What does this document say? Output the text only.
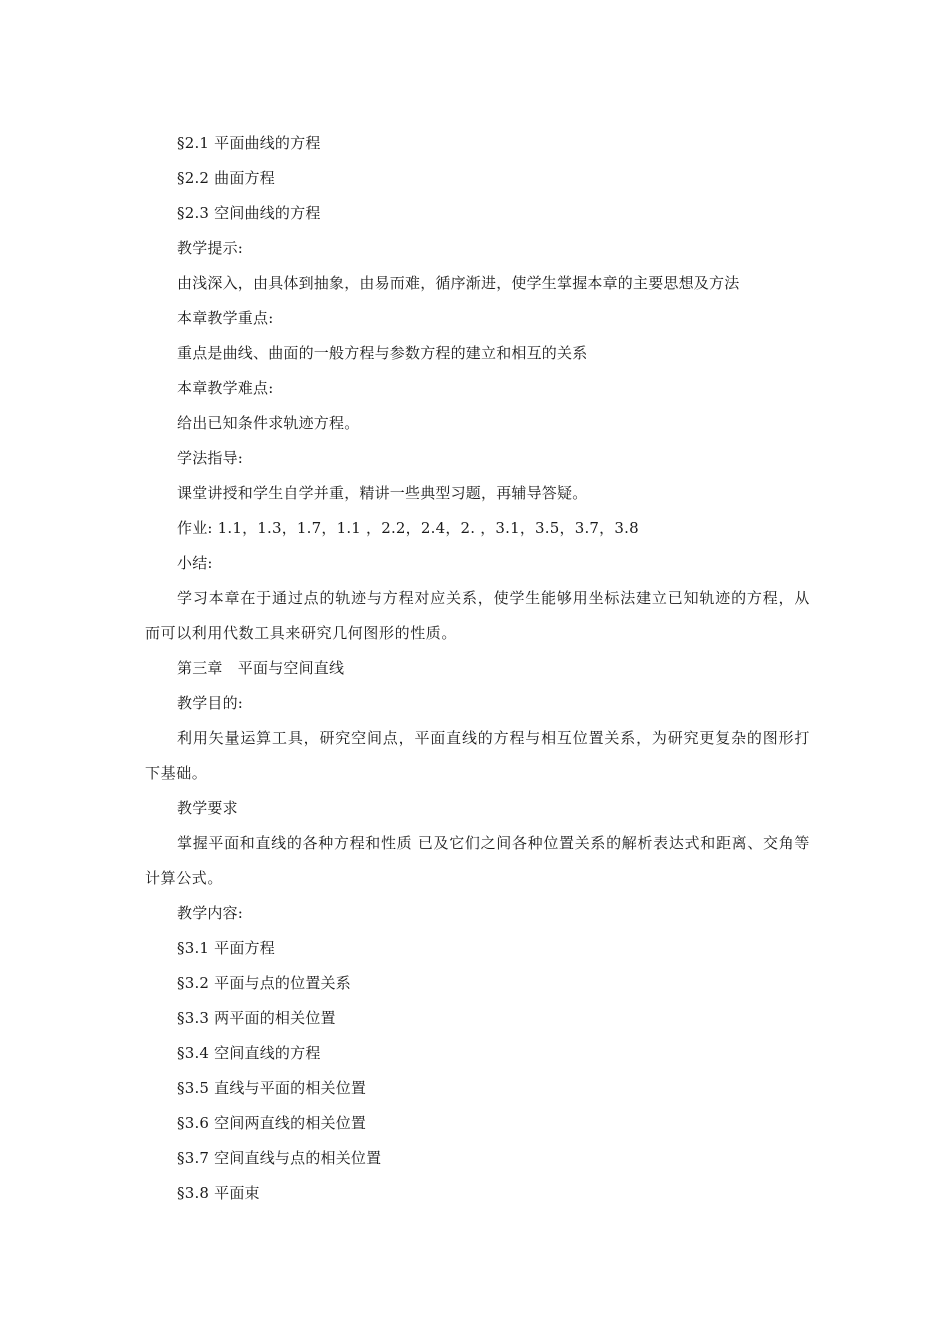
§2.1 平面曲线的方程
§2.2 曲面方程
§2.3 空间曲线的方程
教学提示:
由浅深入，由具体到抽象，由易而难，循序渐进，使学生掌握本章的主要思想及方法
本章教学重点:
重点是曲线、曲面的一般方程与参数方程的建立和相互的关系
本章教学难点:
给出已知条件求轨迹方程。
学法指导:
课堂讲授和学生自学并重，精讲一些典型习题，再辅导答疑。
作业: 1.1，1.3，1.7，1.1 ，2.2，2.4，2. ，3.1，3.5，3.7，3.8
小结:
学习本章在于通过点的轨迹与方程对应关系，使学生能够用坐标法建立已知轨迹的方程，从而可以利用代数工具来研究几何图形的性质。
第三章　平面与空间直线
教学目的:
利用矢量运算工具，研究空间点，平面直线的方程与相互位置关系，为研究更复杂的图形打下基础。
教学要求
掌握平面和直线的各种方程和性质 已及它们之间各种位置关系的解析表达式和距离、交角等计算公式。
教学内容:
§3.1 平面方程
§3.2 平面与点的位置关系
§3.3 两平面的相关位置
§3.4 空间直线的方程
§3.5 直线与平面的相关位置
§3.6 空间两直线的相关位置
§3.7 空间直线与点的相关位置
§3.8 平面束
